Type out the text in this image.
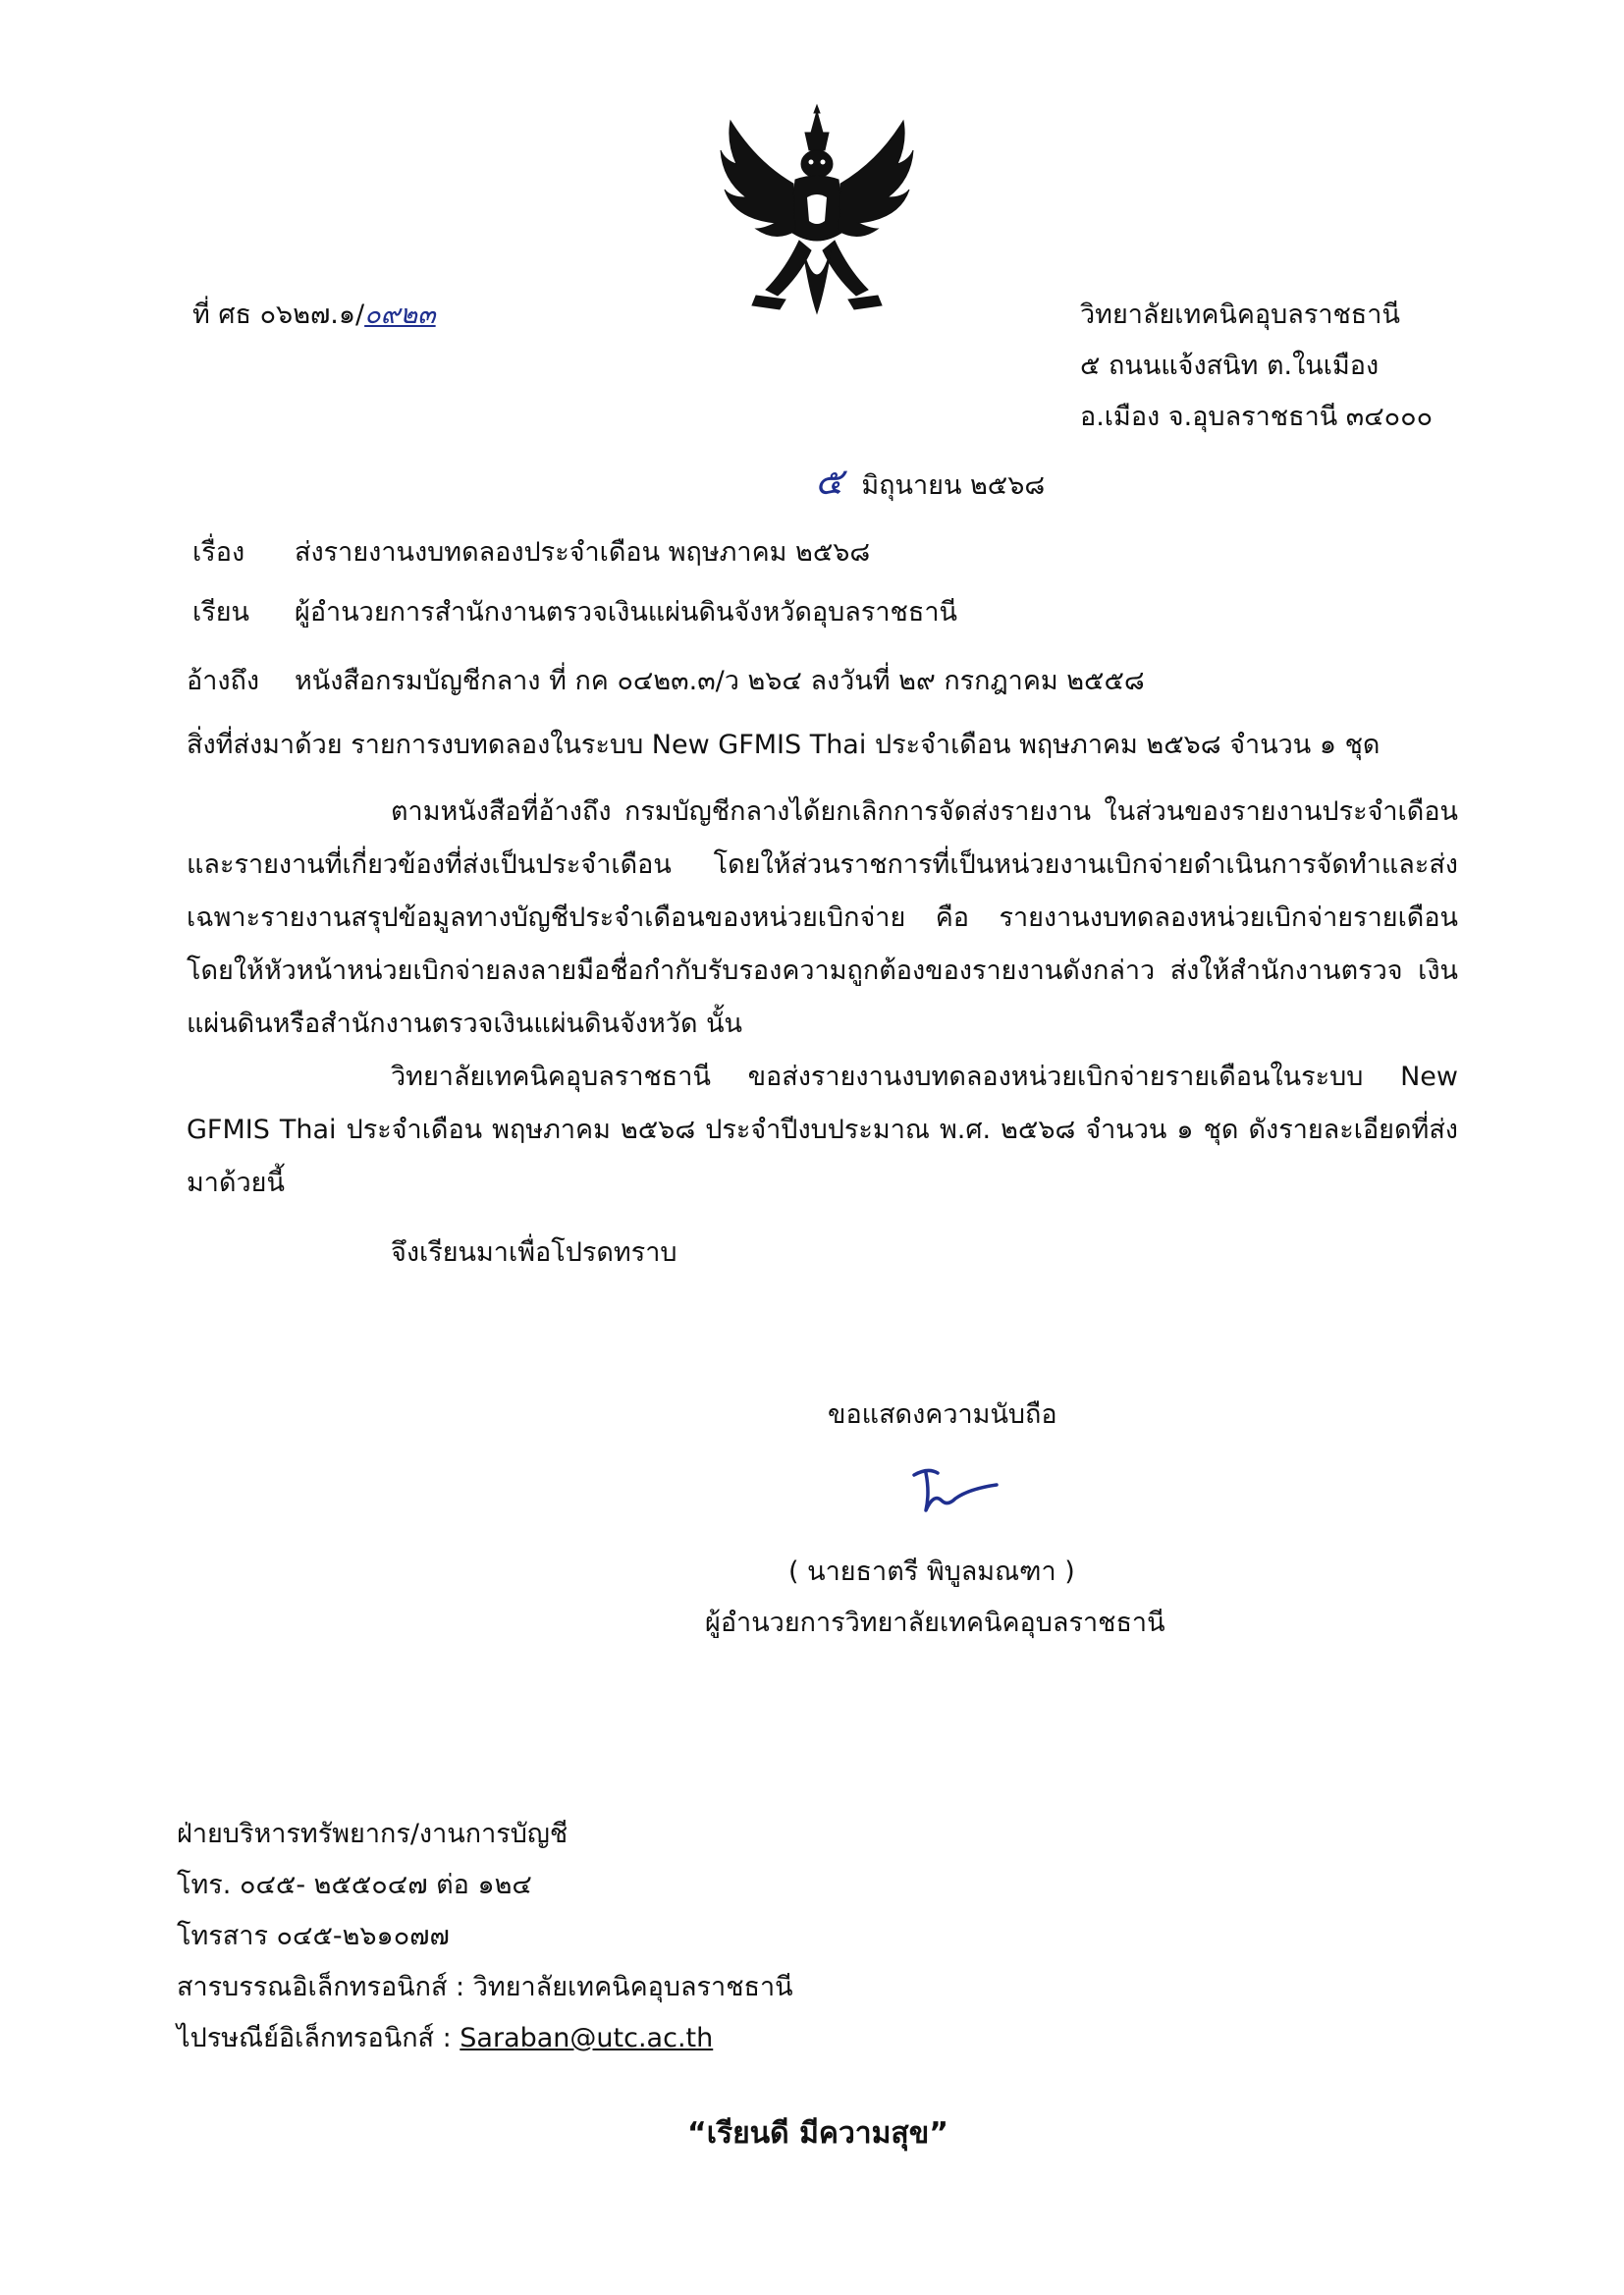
ที่ ศธ ๐๖๒๗.๑/๐๙๒๓	วิทยาลัยเทคนิคอุบลราชธานี
๕ ถนนแจ้งสนิท ต.ในเมือง
อ.เมือง จ.อุบลราชธานี ๓๔๐๐๐
๕ มิถุนายน ๒๕๖๘
เรื่อง ส่งรายงานงบทดลองประจำเดือน พฤษภาคม ๒๕๖๘
เรียน ผู้อำนวยการสำนักงานตรวจเงินแผ่นดินจังหวัดอุบลราชธานี
อ้างถึง หนังสือกรมบัญชีกลาง ที่ กค ๐๔๒๓.๓/ว ๒๖๔ ลงวันที่ ๒๙ กรกฎาคม ๒๕๕๘
สิ่งที่ส่งมาด้วย รายการงบทดลองในระบบ New GFMIS Thai ประจำเดือน พฤษภาคม ๒๕๖๘ จำนวน ๑ ชุด
ตามหนังสือที่อ้างถึง กรมบัญชีกลางได้ยกเลิกการจัดส่งรายงาน ในส่วนของรายงานประจำเดือน และรายงานที่เกี่ยวข้องที่ส่งเป็นประจำเดือน โดยให้ส่วนราชการที่เป็นหน่วยงานเบิกจ่ายดำเนินการจัดทำและส่ง เฉพาะรายงานสรุปข้อมูลทางบัญชีประจำเดือนของหน่วยเบิกจ่าย คือ รายงานงบทดลองหน่วยเบิกจ่ายรายเดือน โดยให้หัวหน้าหน่วยเบิกจ่ายลงลายมือชื่อกำกับรับรองความถูกต้องของรายงานดังกล่าว ส่งให้สำนักงานตรวจ เงินแผ่นดินหรือสำนักงานตรวจเงินแผ่นดินจังหวัด นั้น
วิทยาลัยเทคนิคอุบลราชธานี ขอส่งรายงานงบทดลองหน่วยเบิกจ่ายรายเดือนในระบบ New GFMIS Thai ประจำเดือน พฤษภาคม ๒๕๖๘ ประจำปีงบประมาณ พ.ศ. ๒๕๖๘ จำนวน ๑ ชุด ดังรายละเอียดที่ส่งมาด้วยนี้
จึงเรียนมาเพื่อโปรดทราบ
ขอแสดงความนับถือ
( นายธาตรี พิบูลมณฑา )
ผู้อำนวยการวิทยาลัยเทคนิคอุบลราชธานี
ฝ่ายบริหารทรัพยากร/งานการบัญชี
โทร. ๐๔๕- ๒๕๕๐๔๗ ต่อ ๑๒๔
โทรสาร ๐๔๕-๒๖๑๐๗๗
สารบรรณอิเล็กทรอนิกส์ : วิทยาลัยเทคนิคอุบลราชธานี
ไปรษณีย์อิเล็กทรอนิกส์ : Saraban@utc.ac.th
“เรียนดี มีความสุข”
